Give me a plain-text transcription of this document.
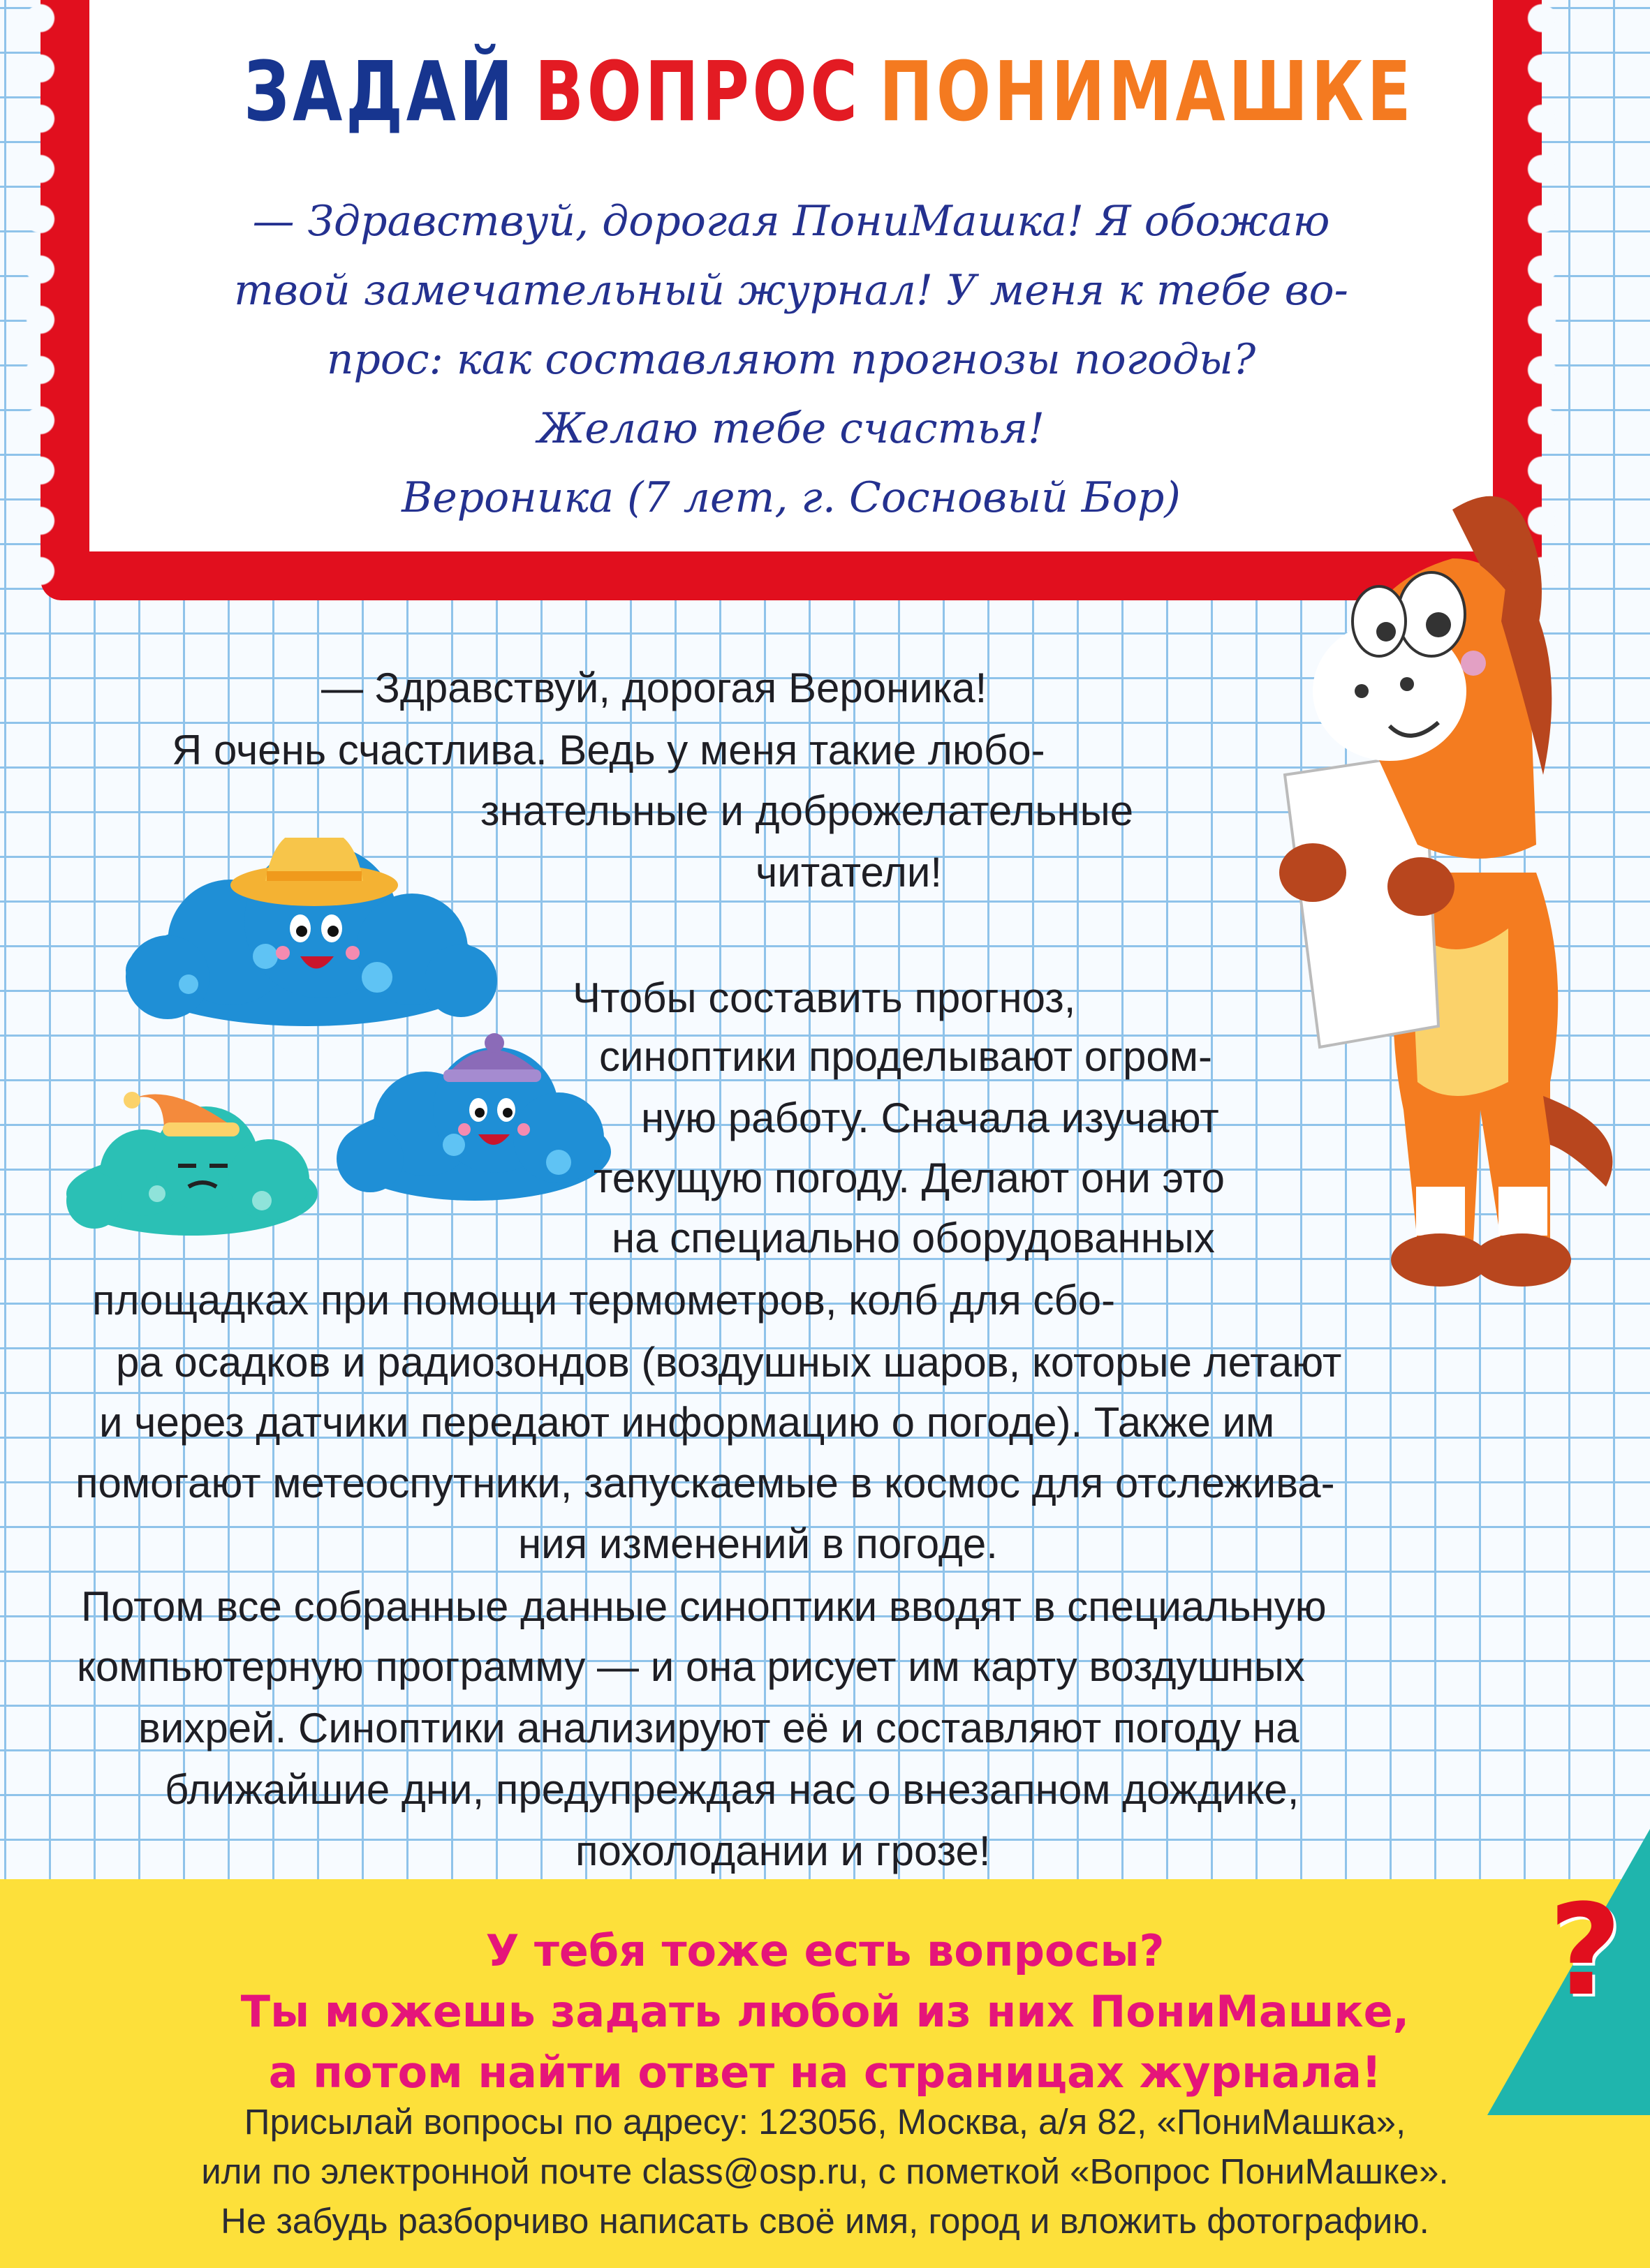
ЗАДАЙ ВОПРОС ПОНИМАШКЕ
— Здравствуй, дорогая ПониМашка! Я обожаю
твой замечательный журнал! У меня к тебе во-
прос: как составляют прогнозы погоды?
Желаю тебе счастья!
Вероника (7 лет, г. Сосновый Бор)
— Здравствуй, дорогая Вероника!
Я очень счастлива. Ведь у меня такие любо-
знательные и доброжелательные
читатели!
Чтобы составить прогноз,
синоптики проделывают огром-
ную работу. Сначала изучают
текущую погоду. Делают они это
на специально оборудованных
площадках при помощи термометров, колб для сбо-
ра осадков и радиозондов (воздушных шаров, которые летают
и через датчики передают информацию о погоде). Также им
помогают метеоспутники, запускаемые в космос для отслежива-
ния изменений в погоде.
Потом все собранные данные синоптики вводят в специальную
компьютерную программу — и она рисует им карту воздушных
вихрей. Синоптики анализируют её и составляют погоду на
ближайшие дни, предупреждая нас о внезапном дождике,
похолодании и грозе!
?
У тебя тоже есть вопросы?
Ты можешь задать любой из них ПониМашке,
а потом найти ответ на страницах журнала!
Присылай вопросы по адресу: 123056, Москва, а/я 82, «ПониМашка»,
или по электронной почте class@osp.ru, с пометкой «Вопрос ПониМашке».
Не забудь разборчиво написать своё имя, город и вложить фотографию.
